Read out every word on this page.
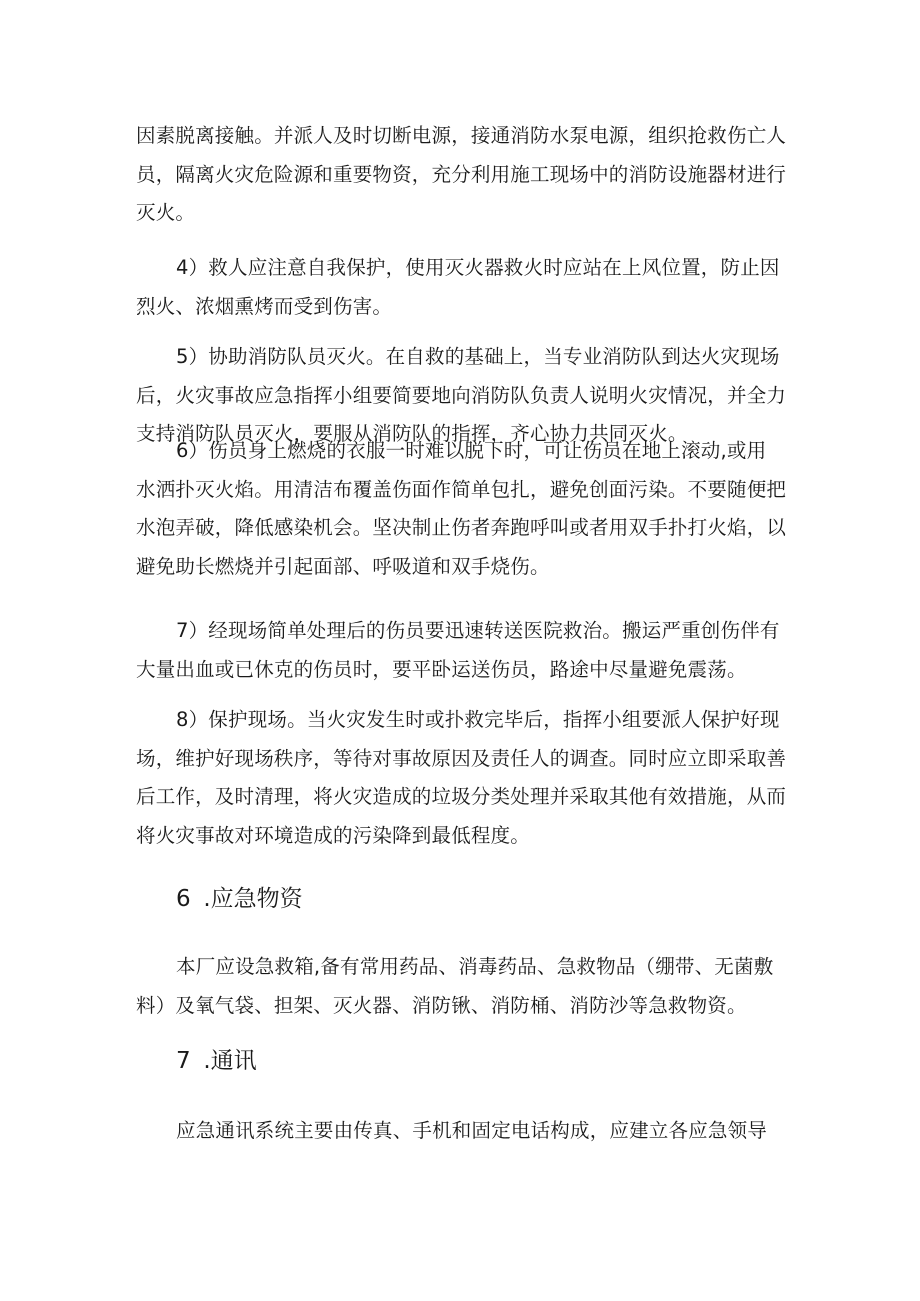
因素脱离接触。并派人及时切断电源，接通消防水泵电源，组织抢救伤亡人
员，隔离火灾危险源和重要物资，充分利用施工现场中的消防设施器材进行
灭火。

4）救人应注意自我保护，使用灭火器救火时应站在上风位置，防止因
烈火、浓烟熏烤而受到伤害。

5）协助消防队员灭火。在自救的基础上，当专业消防队到达火灾现场
后，火灾事故应急指挥小组要简要地向消防队负责人说明火灾情况，并全力
支持消防队员灭火，要服从消防队的指挥，齐心协力共同灭火。

6）伤员身上燃烧的衣服一时难以脱下时，可让伤员在地上滚动,或用
水洒扑灭火焰。用清洁布覆盖伤面作简单包扎，避免创面污染。不要随便把
水泡弄破，降低感染机会。坚决制止伤者奔跑呼叫或者用双手扑打火焰，以
避免助长燃烧并引起面部、呼吸道和双手烧伤。

7）经现场简单处理后的伤员要迅速转送医院救治。搬运严重创伤伴有
大量出血或已休克的伤员时，要平卧运送伤员，路途中尽量避免震荡。

8）保护现场。当火灾发生时或扑救完毕后，指挥小组要派人保护好现
场，维护好现场秩序，等待对事故原因及责任人的调查。同时应立即采取善
后工作，及时清理，将火灾造成的垃圾分类处理并采取其他有效措施，从而
将火灾事故对环境造成的污染降到最低程度。

6 .应急物资

本厂应设急救箱,备有常用药品、消毒药品、急救物品（绷带、无菌敷
料）及氧气袋、担架、灭火器、消防锹、消防桶、消防沙等急救物资。

7 .通讯

应急通讯系统主要由传真、手机和固定电话构成，应建立各应急领导
